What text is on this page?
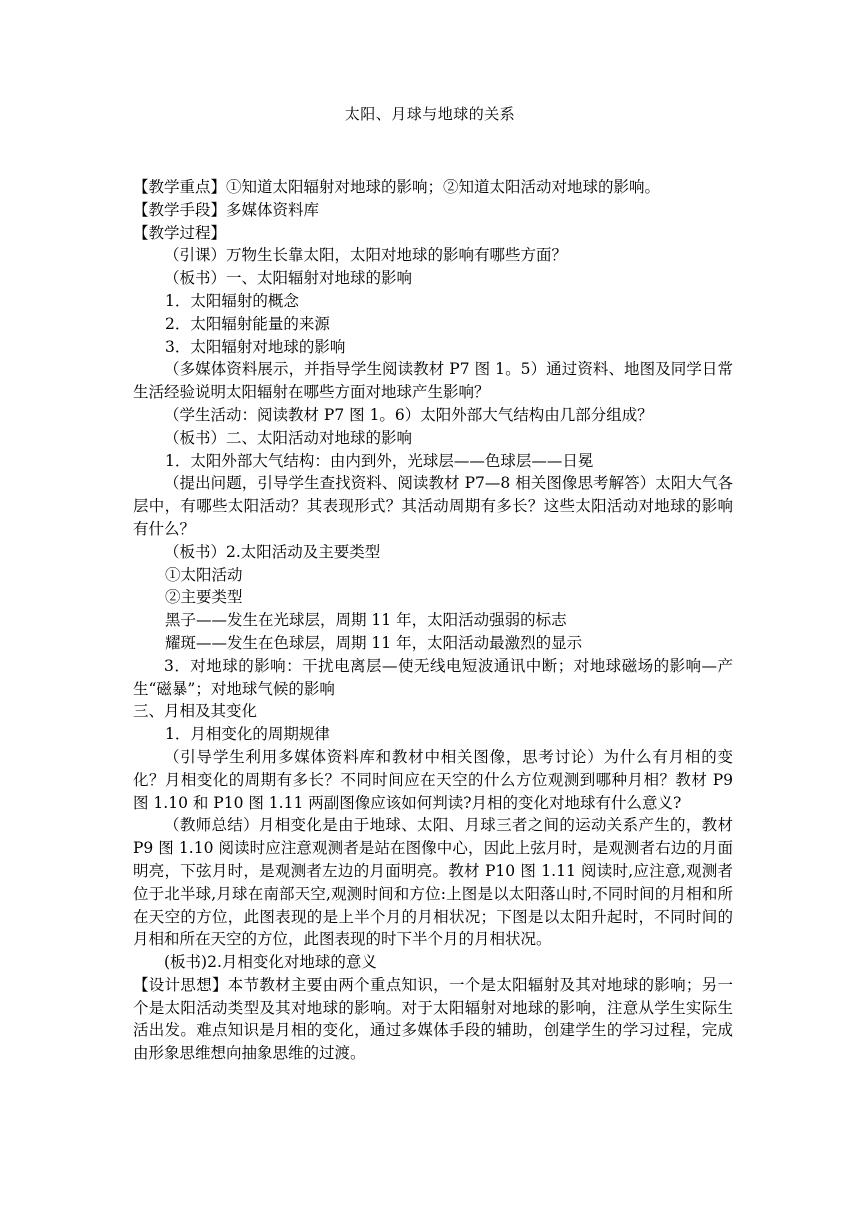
太阳、月球与地球的关系

【教学重点】①知道太阳辐射对地球的影响；②知道太阳活动对地球的影响。

【教学手段】多媒体资料库

【教学过程】

（引课）万物生长靠太阳，太阳对地球的影响有哪些方面？

（板书）一、太阳辐射对地球的影响

1．太阳辐射的概念

2．太阳辐射能量的来源

3．太阳辐射对地球的影响

（多媒体资料展示，并指导学生阅读教材 P7 图 1。5）通过资料、地图及同学日常生活经验说明太阳辐射在哪些方面对地球产生影响？

（学生活动：阅读教材 P7 图 1。6）太阳外部大气结构由几部分组成？

（板书）二、太阳活动对地球的影响

1．太阳外部大气结构：由内到外，光球层——色球层——日冕

（提出问题，引导学生查找资料、阅读教材 P7—8 相关图像思考解答）太阳大气各层中，有哪些太阳活动？其表现形式？其活动周期有多长？这些太阳活动对地球的影响有什么？

（板书）2.太阳活动及主要类型

①太阳活动

②主要类型

黑子——发生在光球层，周期 11 年，太阳活动强弱的标志

耀斑——发生在色球层，周期 11 年，太阳活动最激烈的显示

3．对地球的影响：干扰电离层—使无线电短波通讯中断；对地球磁场的影响—产生“磁暴”；对地球气候的影响

三、月相及其变化

1．月相变化的周期规律

（引导学生利用多媒体资料库和教材中相关图像，思考讨论）为什么有月相的变化？月相变化的周期有多长？不同时间应在天空的什么方位观测到哪种月相？教材 P9 图 1.10 和 P10 图 1.11 两副图像应该如何判读?月相的变化对地球有什么意义?

（教师总结）月相变化是由于地球、太阳、月球三者之间的运动关系产生的，教材 P9 图 1.10 阅读时应注意观测者是站在图像中心，因此上弦月时，是观测者右边的月面明亮，下弦月时，是观测者左边的月面明亮。教材 P10 图 1.11 阅读时,应注意,观测者位于北半球,月球在南部天空,观测时间和方位:上图是以太阳落山时,不同时间的月相和所在天空的方位，此图表现的是上半个月的月相状况；下图是以太阳升起时，不同时间的月相和所在天空的方位，此图表现的时下半个月的月相状况。

(板书)2.月相变化对地球的意义

【设计思想】本节教材主要由两个重点知识，一个是太阳辐射及其对地球的影响；另一个是太阳活动类型及其对地球的影响。对于太阳辐射对地球的影响，注意从学生实际生活出发。难点知识是月相的变化，通过多媒体手段的辅助，创建学生的学习过程，完成由形象思维想向抽象思维的过渡。
